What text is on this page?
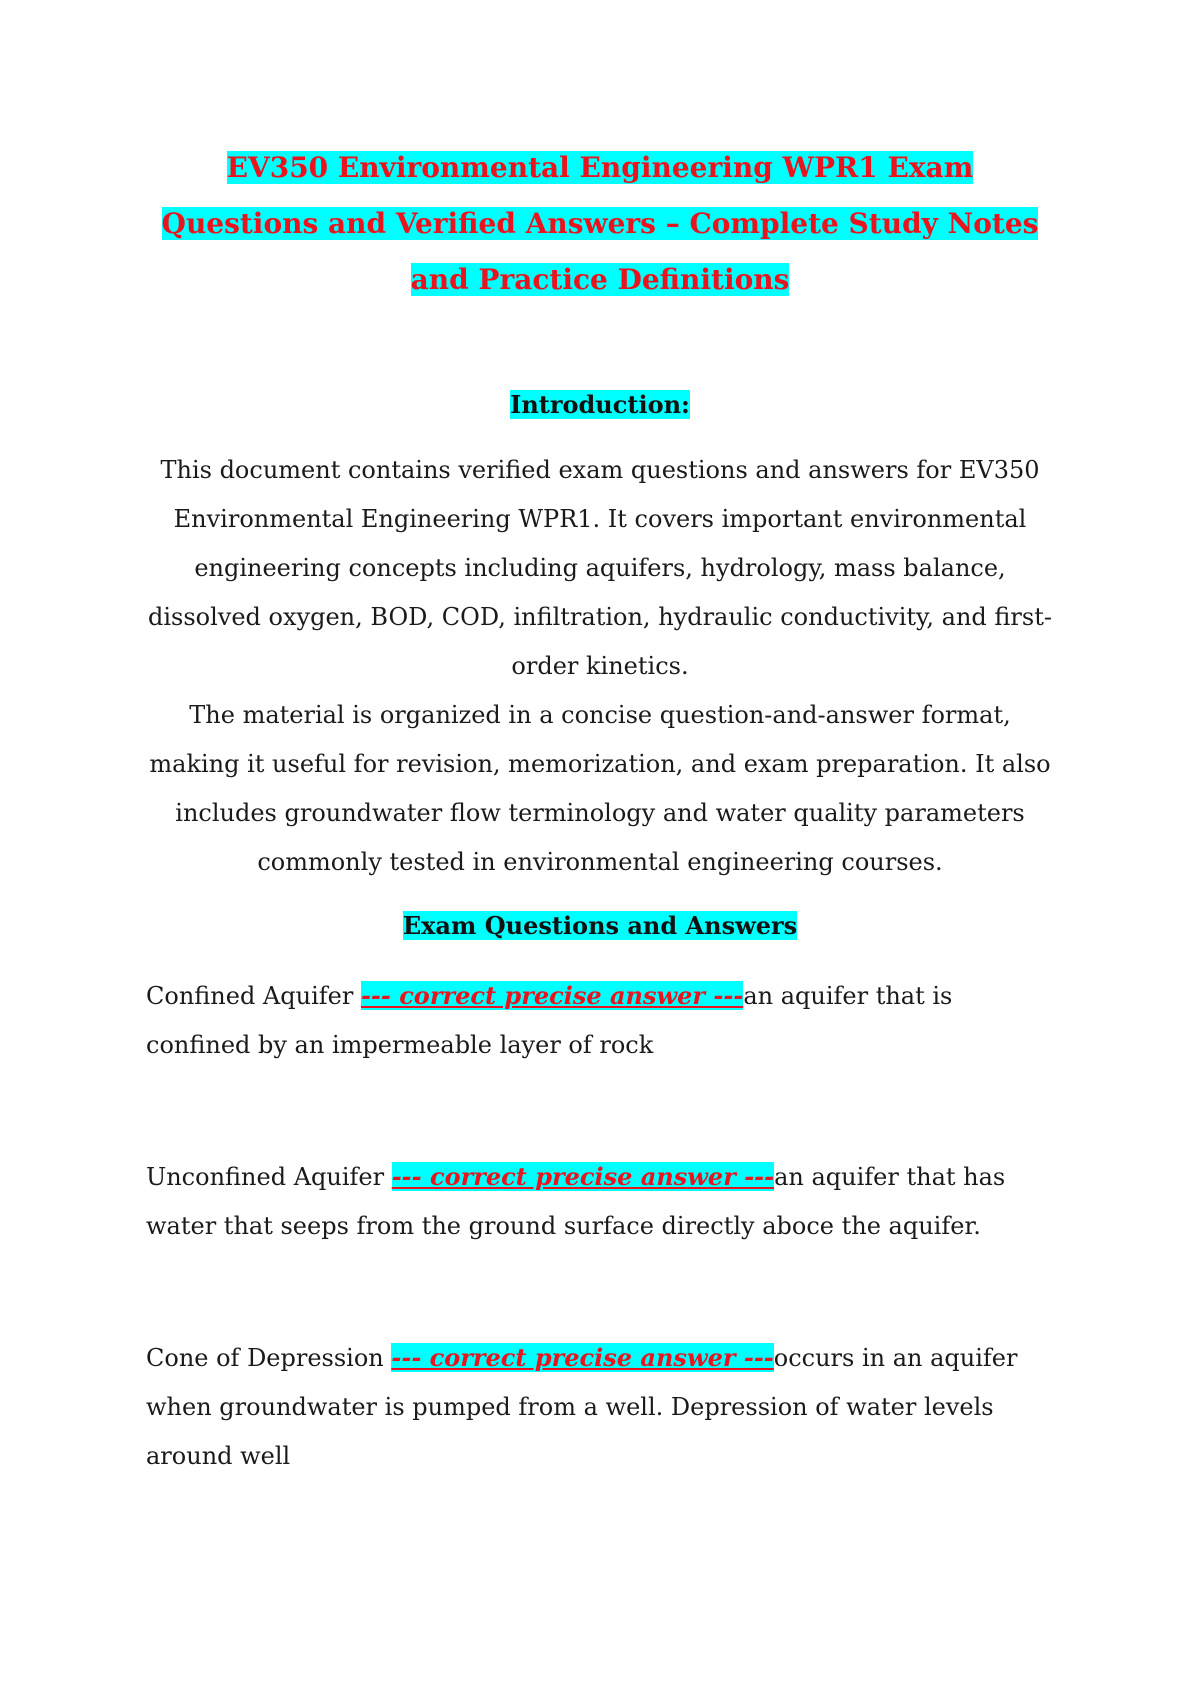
EV350 Environmental Engineering WPR1 Exam
Questions and Verified Answers – Complete Study Notes
and Practice Definitions
Introduction:

This document contains verified exam questions and answers for EV350 Environmental Engineering WPR1. It covers important environmental engineering concepts including aquifers, hydrology, mass balance, dissolved oxygen, BOD, COD, infiltration, hydraulic conductivity, and first-order kinetics.

The material is organized in a concise question-and-answer format, making it useful for revision, memorization, and exam preparation. It also includes groundwater flow terminology and water quality parameters commonly tested in environmental engineering courses.

Exam Questions and Answers

Confined Aquifer --- correct precise answer ---an aquifer that is confined by an impermeable layer of rock

Unconfined Aquifer --- correct precise answer ---an aquifer that has water that seeps from the ground surface directly aboce the aquifer.

Cone of Depression --- correct precise answer ---occurs in an aquifer when groundwater is pumped from a well. Depression of water levels around well
